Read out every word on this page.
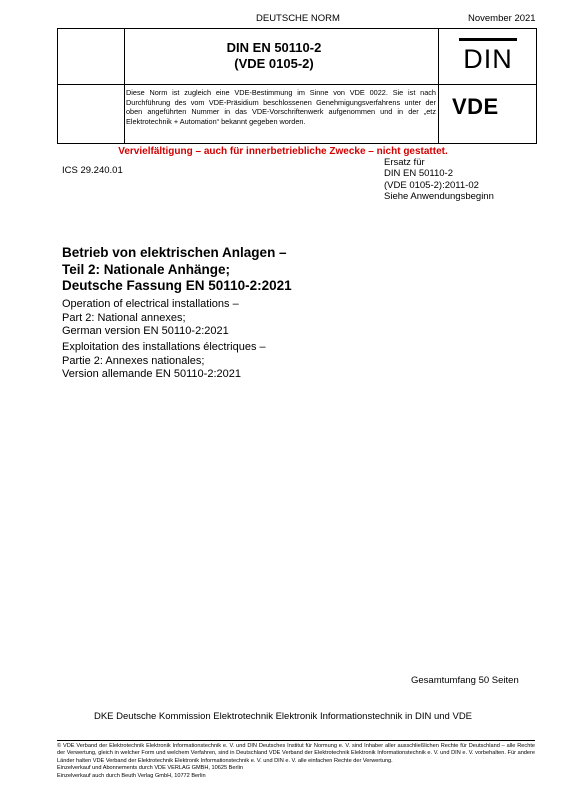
DEUTSCHE NORM	November 2021
DIN EN 50110-2
(VDE 0105-2)
Diese Norm ist zugleich eine VDE-Bestimmung im Sinne von VDE 0022. Sie ist nach Durchführung des vom VDE-Präsidium beschlossenen Genehmigungsverfahrens unter der oben angeführten Nummer in das VDE-Vorschriftenwerk aufgenommen und in der „etz Elektrotechnik + Automation“ bekannt gegeben worden.
DIN
VDE
Vervielfältigung – auch für innerbetriebliche Zwecke – nicht gestattet.
ICS 29.240.01
Ersatz für
DIN EN 50110-2
(VDE 0105-2):2011-02
Siehe Anwendungsbeginn
Betrieb von elektrischen Anlagen –
Teil 2: Nationale Anhänge;
Deutsche Fassung EN 50110-2:2021
Operation of electrical installations –
Part 2: National annexes;
German version EN 50110-2:2021
Exploitation des installations électriques –
Partie 2: Annexes nationales;
Version allemande EN 50110-2:2021
Gesamtumfang 50 Seiten
DKE Deutsche Kommission Elektrotechnik Elektronik Informationstechnik in DIN und VDE
© VDE Verband der Elektrotechnik Elektronik Informationstechnik e. V. und DIN Deutsches Institut für Normung e. V. sind Inhaber aller ausschließlichen Rechte für Deutschland – alle Rechte der Verwertung, gleich in welcher Form und welchem Verfahren, sind in Deutschland VDE Verband der Elektrotechnik Elektronik Informationstechnik e. V. und DIN e. V. vorbehalten. Für andere Länder halten VDE Verband der Elektrotechnik Elektronik Informationstechnik e. V. und DIN e. V. alle einfachen Rechte der Verwertung.
Einzelverkauf und Abonnements durch VDE VERLAG GMBH, 10625 Berlin
Einzelverkauf auch durch Beuth Verlag GmbH, 10772 Berlin
